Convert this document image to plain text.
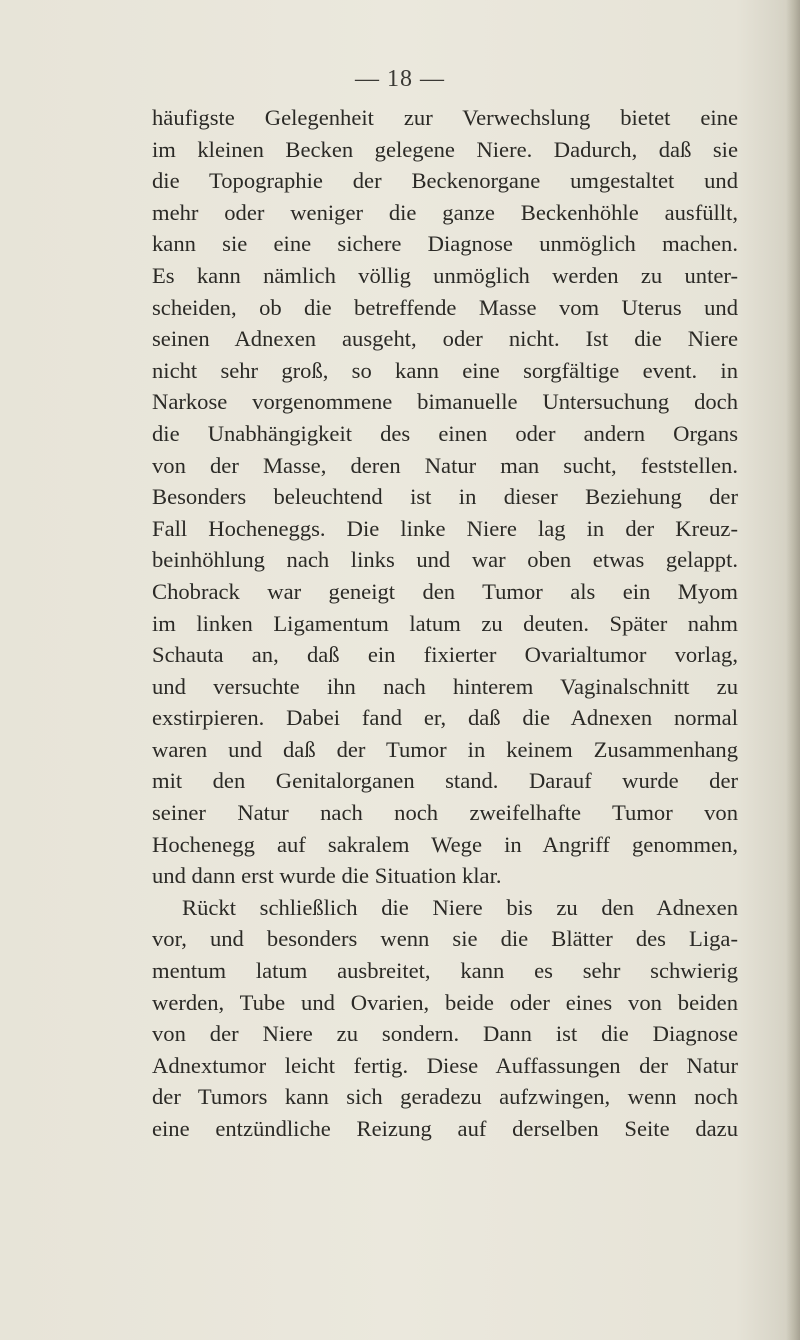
— 18 —
häufigste Gelegenheit zur Verwechslung bietet eine
im kleinen Becken gelegene Niere. Dadurch, daß sie
die Topographie der Beckenorgane umgestaltet und
mehr oder weniger die ganze Beckenhöhle ausfüllt,
kann sie eine sichere Diagnose unmöglich machen.
Es kann nämlich völlig unmöglich werden zu unter-
scheiden, ob die betreffende Masse vom Uterus und
seinen Adnexen ausgeht, oder nicht. Ist die Niere
nicht sehr groß, so kann eine sorgfältige event. in
Narkose vorgenommene bimanuelle Untersuchung doch
die Unabhängigkeit des einen oder andern Organs
von der Masse, deren Natur man sucht, feststellen.
Besonders beleuchtend ist in dieser Beziehung der
Fall Hocheneggs. Die linke Niere lag in der Kreuz-
beinhöhlung nach links und war oben etwas gelappt.
Chobrack war geneigt den Tumor als ein Myom
im linken Ligamentum latum zu deuten. Später nahm
Schauta an, daß ein fixierter Ovarialtumor vorlag,
und versuchte ihn nach hinterem Vaginalschnitt zu
exstirpieren. Dabei fand er, daß die Adnexen normal
waren und daß der Tumor in keinem Zusammenhang
mit den Genitalorganen stand. Darauf wurde der
seiner Natur nach noch zweifelhafte Tumor von
Hochenegg auf sakralem Wege in Angriff genommen,
und dann erst wurde die Situation klar.
Rückt schließlich die Niere bis zu den Adnexen
vor, und besonders wenn sie die Blätter des Liga-
mentum latum ausbreitet, kann es sehr schwierig
werden, Tube und Ovarien, beide oder eines von beiden
von der Niere zu sondern. Dann ist die Diagnose
Adnextumor leicht fertig. Diese Auffassungen der Natur
der Tumors kann sich geradezu aufzwingen, wenn noch
eine entzündliche Reizung auf derselben Seite dazu
